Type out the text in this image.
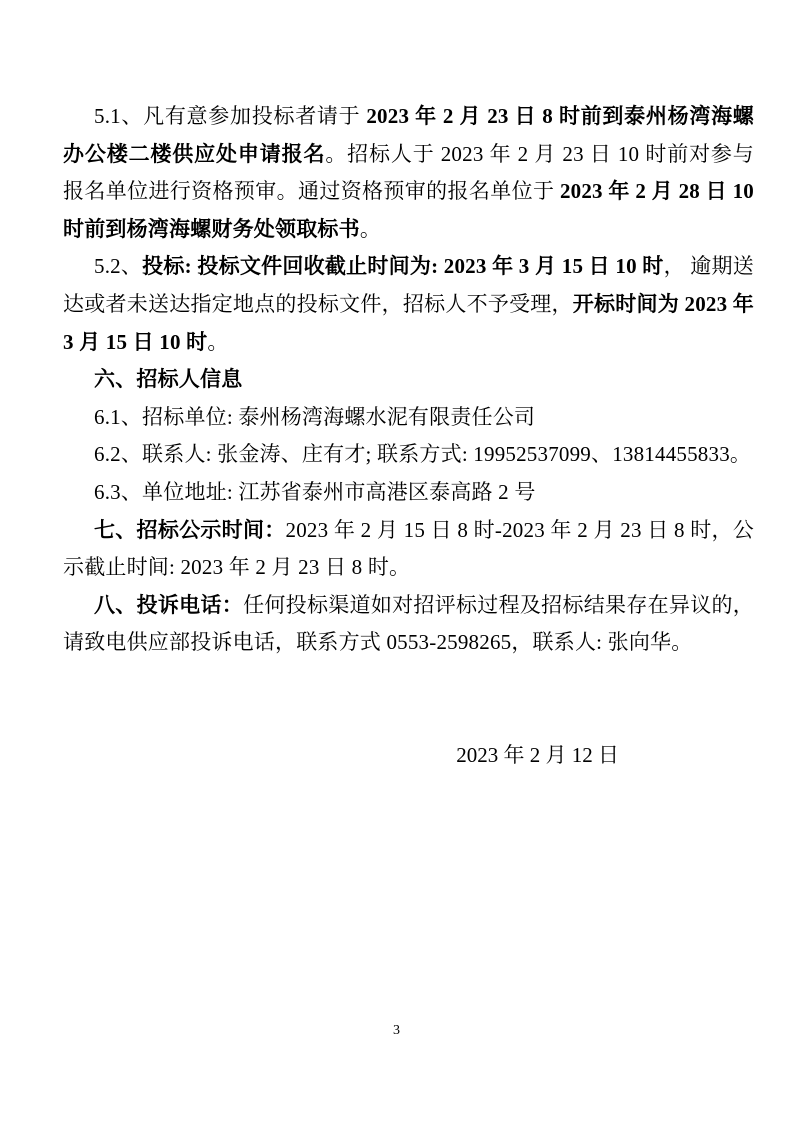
5.1、凡有意参加投标者请于 2023 年 2 月 23 日 8 时前到泰州杨湾海螺办公楼二楼供应处申请报名。招标人于 2023 年 2 月 23 日 10 时前对参与报名单位进行资格预审。通过资格预审的报名单位于 2023 年 2 月 28 日 10 时前到杨湾海螺财务处领取标书。

5.2、投标: 投标文件回收截止时间为: 2023 年 3 月 15 日 10 时， 逾期送达或者未送达指定地点的投标文件，招标人不予受理，开标时间为 2023 年 3 月 15 日 10 时。

六、招标人信息

6.1、招标单位: 泰州杨湾海螺水泥有限责任公司

6.2、联系人: 张金涛、庄有才; 联系方式: 19952537099、13814455833。

6.3、单位地址: 江苏省泰州市高港区泰高路 2 号

七、招标公示时间：2023 年 2 月 15 日 8 时-2023 年 2 月 23 日 8 时，公示截止时间: 2023 年 2 月 23 日 8 时。

八、投诉电话：任何投标渠道如对招评标过程及招标结果存在异议的，请致电供应部投诉电话，联系方式 0553-2598265，联系人: 张向华。

2023 年 2 月 12 日

3
